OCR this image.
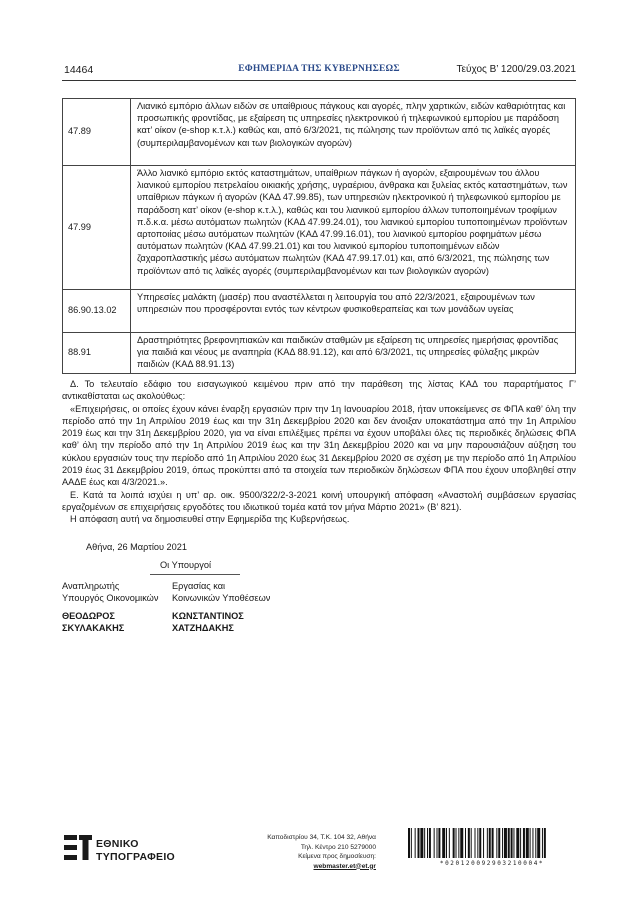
14464	ΕΦΗΜΕΡΙΔΑ ΤΗΣ ΚΥΒΕΡΝΗΣΕΩΣ	Τεύχος Β’ 1200/29.03.2021
47.89	Λιανικό εμπόριο άλλων ειδών σε υπαίθριους πάγκους και αγορές, πλην χαρτικών, ειδών καθαριότητας και προσωπικής φροντίδας, με εξαίρεση τις υπηρεσίες ηλεκτρονικού ή τηλεφωνικού εμπορίου με παράδοση κατ’ οίκον (e-shop κ.τ.λ.) καθώς και, από 6/3/2021, τις πώλησης των προϊόντων από τις λαϊκές αγορές (συμπεριλαμβανομένων και των βιολογικών αγορών)
47.99	Άλλο λιανικό εμπόριο εκτός καταστημάτων, υπαίθριων πάγκων ή αγορών, εξαιρουμένων του άλλου λιανικού εμπορίου πετρελαίου οικιακής χρήσης, υγραέριου, άνθρακα και ξυλείας εκτός καταστημάτων, των υπαίθριων πάγκων ή αγορών (ΚΑΔ 47.99.85), των υπηρεσιών ηλεκτρονικού ή τηλεφωνικού εμπορίου με παράδοση κατ’ οίκον (e-shop κ.τ.λ.), καθώς και του λιανικού εμπορίου άλλων τυποποιημένων τροφίμων π.δ.κ.α. μέσω αυτόματων πωλητών (ΚΑΔ 47.99.24.01), του λιανικού εμπορίου τυποποιημένων προϊόντων αρτοποιίας μέσω αυτόματων πωλητών (ΚΑΔ 47.99.16.01), του λιανικού εμπορίου ροφημάτων μέσω αυτόματων πωλητών (ΚΑΔ 47.99.21.01) και του λιανικού εμπορίου τυποποιημένων ειδών ζαχαροπλαστικής μέσω αυτόματων πωλητών (ΚΑΔ 47.99.17.01) και, από 6/3/2021, της πώλησης των προϊόντων από τις λαϊκές αγορές (συμπεριλαμβανομένων και των βιολογικών αγορών)
86.90.13.02	Υπηρεσίες μαλάκτη (μασέρ) που αναστέλλεται η λειτουργία του από 22/3/2021, εξαιρουμένων των υπηρεσιών που προσφέρονται εντός των κέντρων φυσικοθεραπείας και των μονάδων υγείας
88.91	Δραστηριότητες βρεφονηπιακών και παιδικών σταθμών με εξαίρεση τις υπηρεσίες ημερήσιας φροντίδας για παιδιά και νέους με αναπηρία (ΚΑΔ 88.91.12), και από 6/3/2021, τις υπηρεσίες φύλαξης μικρών παιδιών (ΚΑΔ 88.91.13)

Δ. Το τελευταίο εδάφιο του εισαγωγικού κειμένου πριν από την παράθεση της λίστας ΚΑΔ του παραρτήματος Γ’ αντικαθίσταται ως ακολούθως:

«Επιχειρήσεις, οι οποίες έχουν κάνει έναρξη εργασιών πριν την 1η Ιανουαρίου 2018, ήταν υποκείμενες σε ΦΠΑ καθ’ όλη την περίοδο από την 1η Απριλίου 2019 έως και την 31η Δεκεμβρίου 2020 και δεν άνοιξαν υποκατάστημα από την 1η Απριλίου 2019 έως και την 31η Δεκεμβρίου 2020, για να είναι επιλέξιμες πρέπει να έχουν υποβάλει όλες τις περιοδικές δηλώσεις ΦΠΑ καθ’ όλη την περίοδο από την 1η Απριλίου 2019 έως και την 31η Δεκεμβρίου 2020 και να μην παρουσιάζουν αύξηση του κύκλου εργασιών τους την περίοδο από 1η Απριλίου 2020 έως 31 Δεκεμβρίου 2020 σε σχέση με την περίοδο από 1η Απριλίου 2019 έως 31 Δεκεμβρίου 2019, όπως προκύπτει από τα στοιχεία των περιοδικών δηλώσεων ΦΠΑ που έχουν υποβληθεί στην ΑΑΔΕ έως και 4/3/2021.».

Ε. Κατά τα λοιπά ισχύει η υπ’ αρ. οικ. 9500/322/2-3-2021 κοινή υπουργική απόφαση «Αναστολή συμβάσεων εργασίας εργαζομένων σε επιχειρήσεις εργοδότες του ιδιωτικού τομέα κατά τον μήνα Μάρτιο 2021» (Β’ 821).

Η απόφαση αυτή να δημοσιευθεί στην Εφημερίδα της Κυβερνήσεως.

Αθήνα, 26 Μαρτίου 2021
Οι Υπουργοί
Αναπληρωτής
Υπουργός Οικονομικών
ΘΕΟΔΩΡΟΣ
ΣΚΥΛΑΚΑΚΗΣ
Εργασίας και
Κοινωνικών Υποθέσεων
ΚΩΝΣΤΑΝΤΙΝΟΣ
ΧΑΤΖΗΔΑΚΗΣ
ΕΘΝΙΚΟ
ΤΥΠΟΓΡΑΦΕΙΟ
Καποδιστρίου 34, Τ.Κ. 104 32, Αθήνα
Τηλ. Κέντρο 210 5279000
Κείμενα προς δημοσίευση: webmaster.et@et.gr	*02012009290321000​4*
